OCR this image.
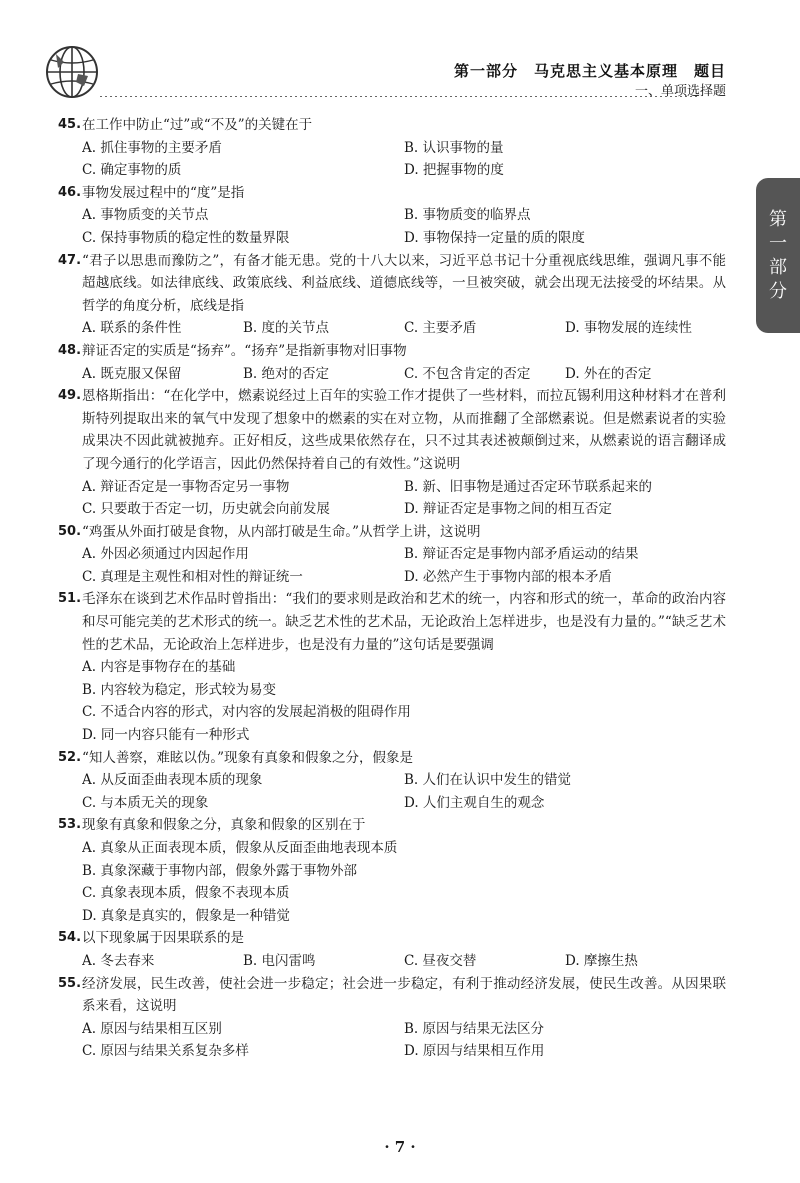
第一部分　马克思主义基本原理　题目
一、单项选择题
第
一
部
分
45. 在工作中防止“过”或“不及”的关键在于
A. 抓住事物的主要矛盾	B. 认识事物的量
C. 确定事物的质	D. 把握事物的度
46. 事物发展过程中的“度”是指
A. 事物质变的关节点	B. 事物质变的临界点
C. 保持事物质的稳定性的数量界限	D. 事物保持一定量的质的限度
47. “君子以思患而豫防之”，有备才能无患。党的十八大以来，习近平总书记十分重视底线思维，强调凡事不能超越底线。如法律底线、政策底线、利益底线、道德底线等，一旦被突破，就会出现无法接受的坏结果。从哲学的角度分析，底线是指
A. 联系的条件性	B. 度的关节点	C. 主要矛盾	D. 事物发展的连续性
48. 辩证否定的实质是“扬弃”。“扬弃”是指新事物对旧事物
A. 既克服又保留	B. 绝对的否定	C. 不包含肯定的否定	D. 外在的否定
49. 恩格斯指出：“在化学中，燃素说经过上百年的实验工作才提供了一些材料，而拉瓦锡利用这种材料才在普利斯特列提取出来的氧气中发现了想象中的燃素的实在对立物，从而推翻了全部燃素说。但是燃素说者的实验成果决不因此就被抛弃。正好相反，这些成果依然存在，只不过其表述被颠倒过来，从燃素说的语言翻译成了现今通行的化学语言，因此仍然保持着自己的有效性。”这说明
A. 辩证否定是一事物否定另一事物	B. 新、旧事物是通过否定环节联系起来的
C. 只要敢于否定一切，历史就会向前发展	D. 辩证否定是事物之间的相互否定
50. “鸡蛋从外面打破是食物，从内部打破是生命。”从哲学上讲，这说明
A. 外因必须通过内因起作用	B. 辩证否定是事物内部矛盾运动的结果
C. 真理是主观性和相对性的辩证统一	D. 必然产生于事物内部的根本矛盾
51. 毛泽东在谈到艺术作品时曾指出：“我们的要求则是政治和艺术的统一，内容和形式的统一，革命的政治内容和尽可能完美的艺术形式的统一。缺乏艺术性的艺术品，无论政治上怎样进步，也是没有力量的。”“缺乏艺术性的艺术品，无论政治上怎样进步，也是没有力量的”这句话是要强调
A. 内容是事物存在的基础
B. 内容较为稳定，形式较为易变
C. 不适合内容的形式，对内容的发展起消极的阻碍作用
D. 同一内容只能有一种形式
52. “知人善察，难眩以伪。”现象有真象和假象之分，假象是
A. 从反面歪曲表现本质的现象	B. 人们在认识中发生的错觉
C. 与本质无关的现象	D. 人们主观自生的观念
53. 现象有真象和假象之分，真象和假象的区别在于
A. 真象从正面表现本质，假象从反面歪曲地表现本质
B. 真象深藏于事物内部，假象外露于事物外部
C. 真象表现本质，假象不表现本质
D. 真象是真实的，假象是一种错觉
54. 以下现象属于因果联系的是
A. 冬去春来	B. 电闪雷鸣	C. 昼夜交替	D. 摩擦生热
55. 经济发展，民生改善，使社会进一步稳定；社会进一步稳定，有利于推动经济发展，使民生改善。从因果联系来看，这说明
A. 原因与结果相互区别	B. 原因与结果无法区分
C. 原因与结果关系复杂多样	D. 原因与结果相互作用
· 7 ·
